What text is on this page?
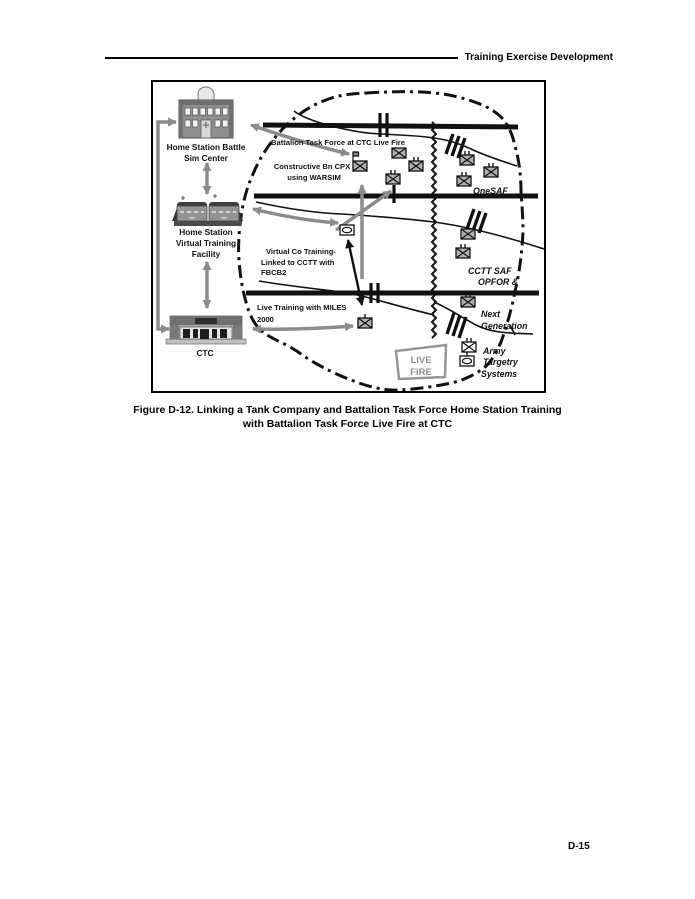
Training Exercise Development
LIVE
FIRE
Battalion Task Force at CTC Live Fire
Constructive Bn CPX
using WARSIM
Virtual Co Training-
Linked to CCTT with
FBCB2
Live Training with MILES
2000
OneSAF
CCTT SAF
OPFOR &
Next
Generation
Army
Targetry
Systems
Home Station Battle
Sim Center
Home Station
Virtual Training
Facility
CTC
Figure D-12. Linking a Tank Company and Battalion Task Force Home Station Training
with Battalion Task Force Live Fire at CTC
D-15
